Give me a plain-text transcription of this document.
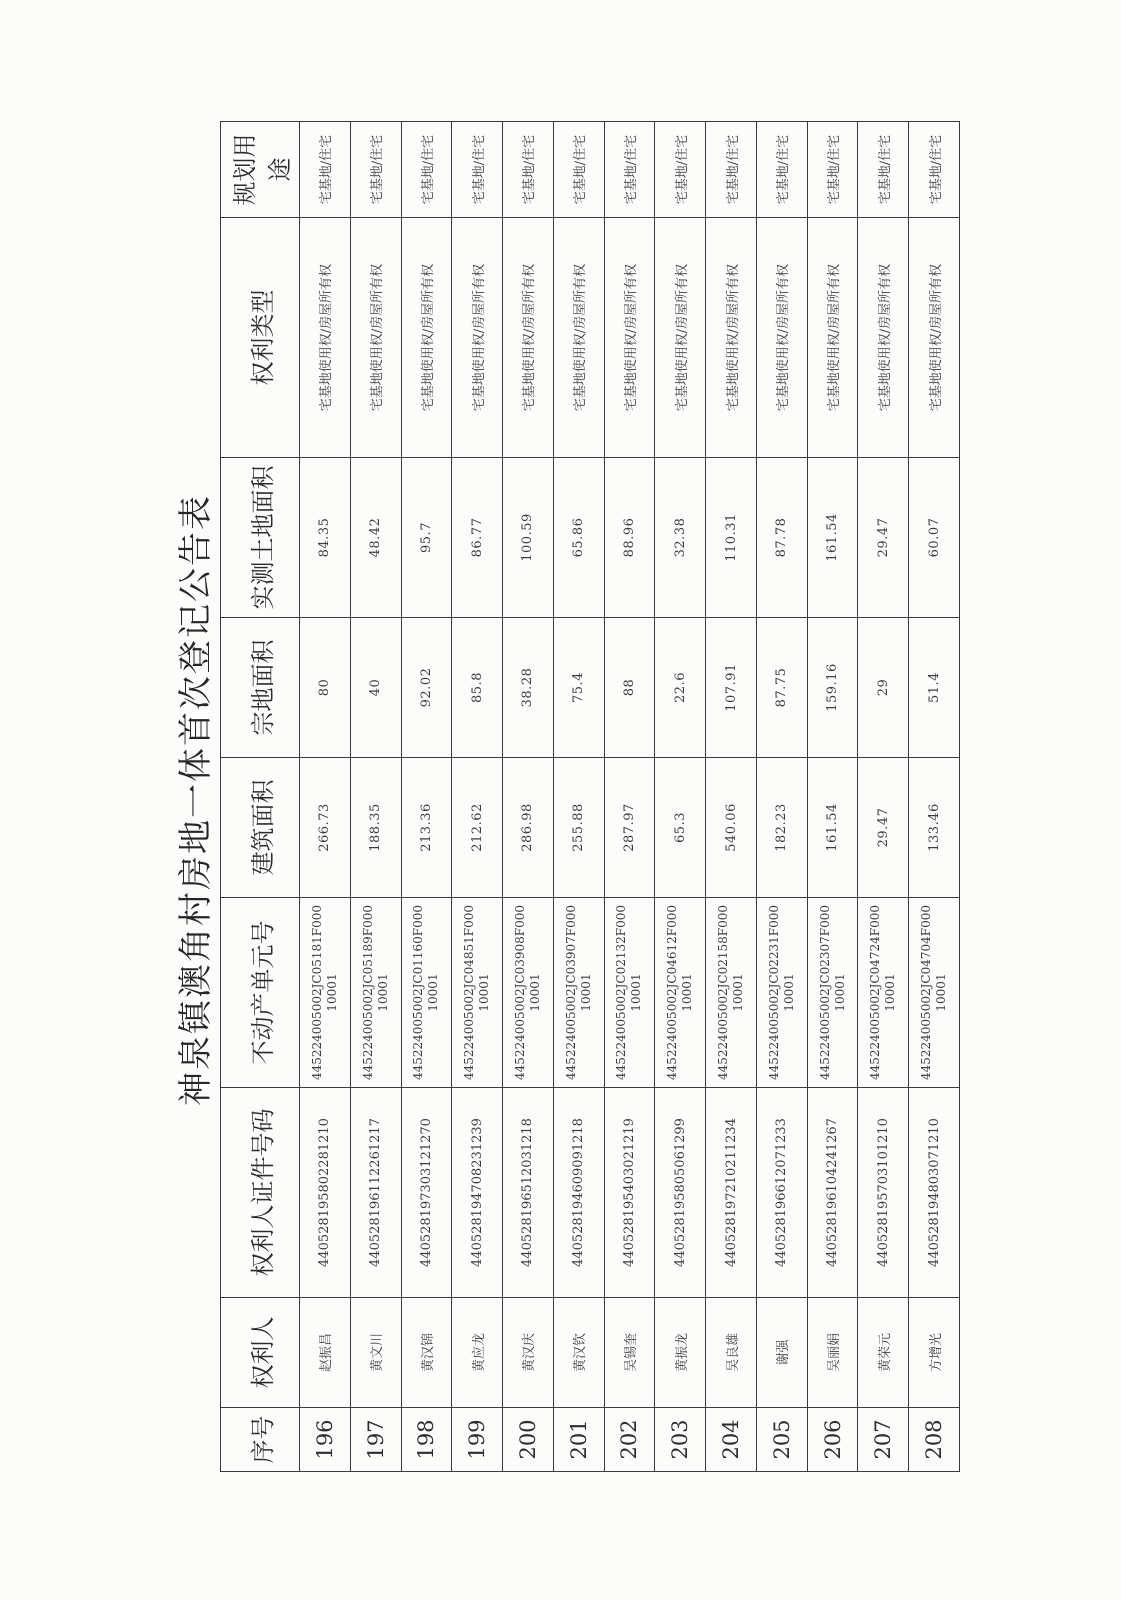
神泉镇澳角村房地一体首次登记公告表
序号	权利人	权利人证件号码	不动产单元号	建筑面积	宗地面积	实测土地面积	权利类型	规划用途
196	赵振昌	440528195802281210	445224005002JC05181F00010001	266.73	80	84.35	宅基地使用权/房屋所有权	宅基地/住宅
197	黄文川	440528196112261217	445224005002JC05189F00010001	188.35	40	48.42	宅基地使用权/房屋所有权	宅基地/住宅
198	黄汉锦	440528197303121270	445224005002JC01160F00010001	213.36	92.02	95.7	宅基地使用权/房屋所有权	宅基地/住宅
199	黄应龙	440528194708231239	445224005002JC04851F00010001	212.62	85.8	86.77	宅基地使用权/房屋所有权	宅基地/住宅
200	黄汉庆	440528196512031218	445224005002JC03908F00010001	286.98	38.28	100.59	宅基地使用权/房屋所有权	宅基地/住宅
201	黄汉钦	440528194609091218	445224005002JC03907F00010001	255.88	75.4	65.86	宅基地使用权/房屋所有权	宅基地/住宅
202	吴锡奎	440528195403021219	445224005002JC02132F00010001	287.97	88	88.96	宅基地使用权/房屋所有权	宅基地/住宅
203	黄振龙	440528195805061299	445224005002JC04612F00010001	65.3	22.6	32.38	宅基地使用权/房屋所有权	宅基地/住宅
204	吴良雄	440528197210211234	445224005002JC02158F00010001	540.06	107.91	110.31	宅基地使用权/房屋所有权	宅基地/住宅
205	谢强	440528196612071233	445224005002JC02231F00010001	182.23	87.75	87.78	宅基地使用权/房屋所有权	宅基地/住宅
206	吴丽娟	440528196104241267	445224005002JC02307F00010001	161.54	159.16	161.54	宅基地使用权/房屋所有权	宅基地/住宅
207	黄荣元	440528195703101210	445224005002JC04724F00010001	29.47	29	29.47	宅基地使用权/房屋所有权	宅基地/住宅
208	方增光	440528194803071210	445224005002JC04704F00010001	133.46	51.4	60.07	宅基地使用权/房屋所有权	宅基地/住宅
